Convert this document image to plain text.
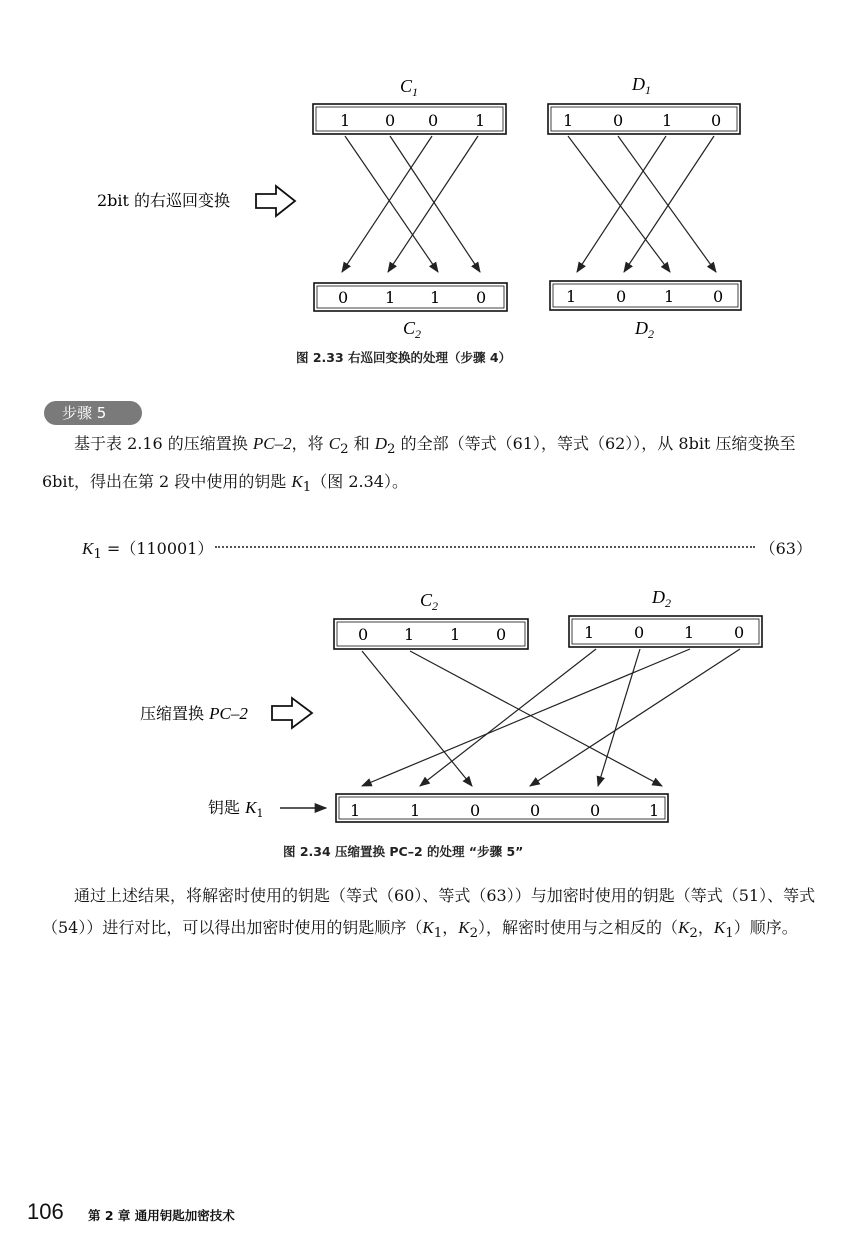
$C_1$	$D_1$
1 0 0 1	1 0 1 0
2bit 的右巡回变换
0 1 1 0	1 0 1 0
$C_2$	$D_2$
图 2.33 右巡回变换的处理（步骤 4）
步骤 5
基于表 2.16 的压缩置换 PC–2，将 $C_2$ 和 $D_2$ 的全部（等式（61），等式（62）），从 8bit 压缩变换至 6bit，得出在第 2 段中使用的钥匙 $K_1$（图 2.34）。
$K_1 =(110001)$	（63）
$C_2$	$D_2$
0 1 1 0	1 0 1 0
压缩置换 PC–2
钥匙 $K_1$	1	1	0	0	0	1
图 2.34 压缩置换 PC–2 的处理 “步骤 5”
通过上述结果，将解密时使用的钥匙（等式（60）、等式（63））与加密时使用的钥匙（等式（51）、等式（54））进行对比，可以得出加密时使用的钥匙顺序（$K_1$，$K_2$），解密时使用与之相反的（$K_2$，$K_1$）顺序。
106 第 2 章 通用钥匙加密技术
